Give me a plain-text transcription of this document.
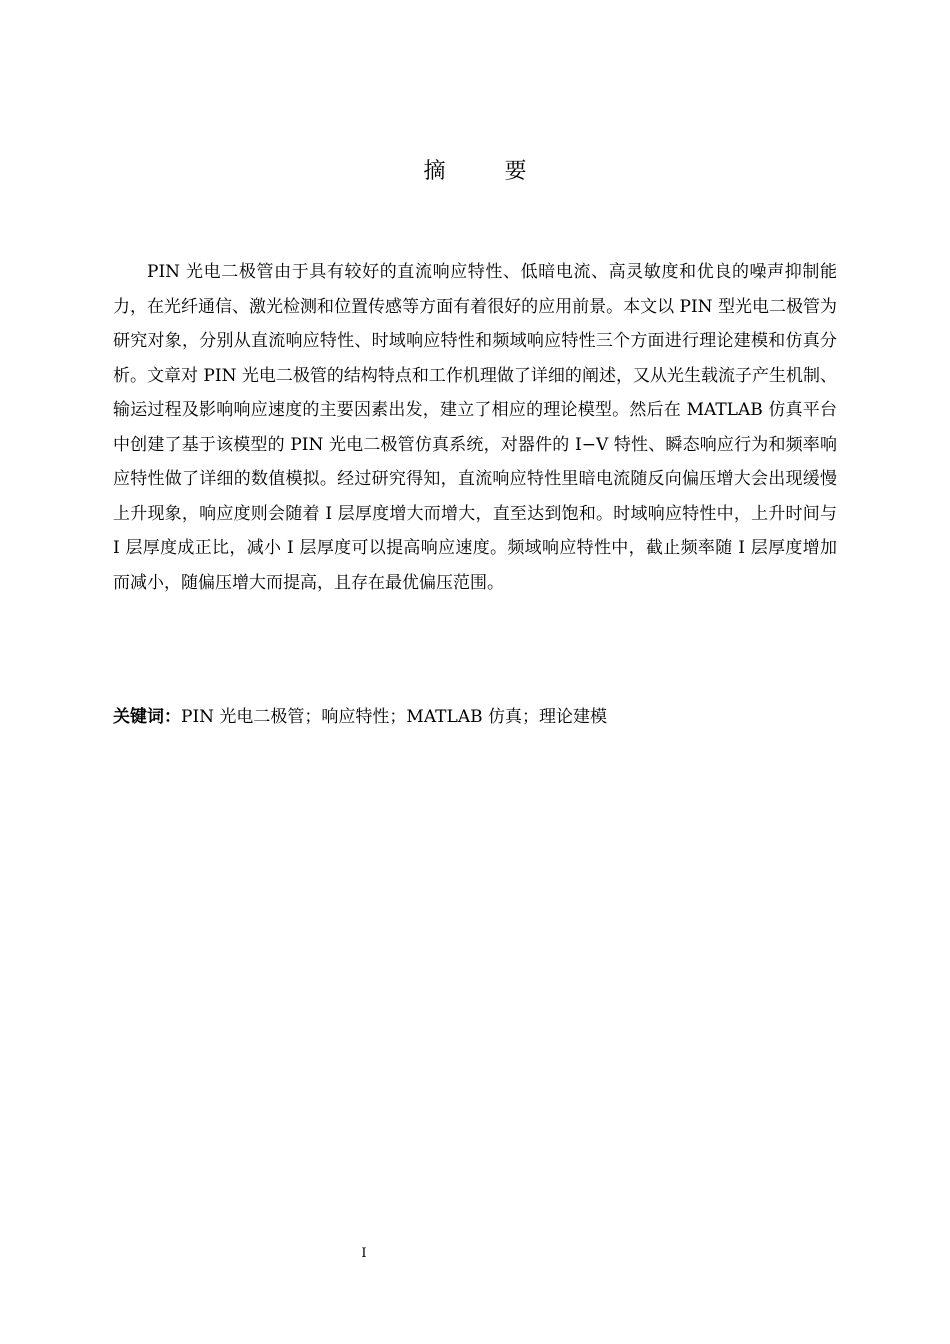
摘 要

PIN 光电二极管由于具有较好的直流响应特性、低暗电流、高灵敏度和优良的噪声抑制能力，在光纤通信、激光检测和位置传感等方面有着很好的应用前景。本文以 PIN 型光电二极管为研究对象，分别从直流响应特性、时域响应特性和频域响应特性三个方面进行理论建模和仿真分析。文章对 PIN 光电二极管的结构特点和工作机理做了详细的阐述，又从光生载流子产生机制、输运过程及影响响应速度的主要因素出发，建立了相应的理论模型。然后在 MATLAB 仿真平台中创建了基于该模型的 PIN 光电二极管仿真系统，对器件的 I−V 特性、瞬态响应行为和频率响应特性做了详细的数值模拟。经过研究得知，直流响应特性里暗电流随反向偏压增大会出现缓慢上升现象，响应度则会随着 I 层厚度增大而增大，直至达到饱和。时域响应特性中，上升时间与 I 层厚度成正比，减小 I 层厚度可以提高响应速度。频域响应特性中，截止频率随 I 层厚度增加而减小，随偏压增大而提高，且存在最优偏压范围。

关键词：PIN 光电二极管；响应特性；MATLAB 仿真；理论建模

I
